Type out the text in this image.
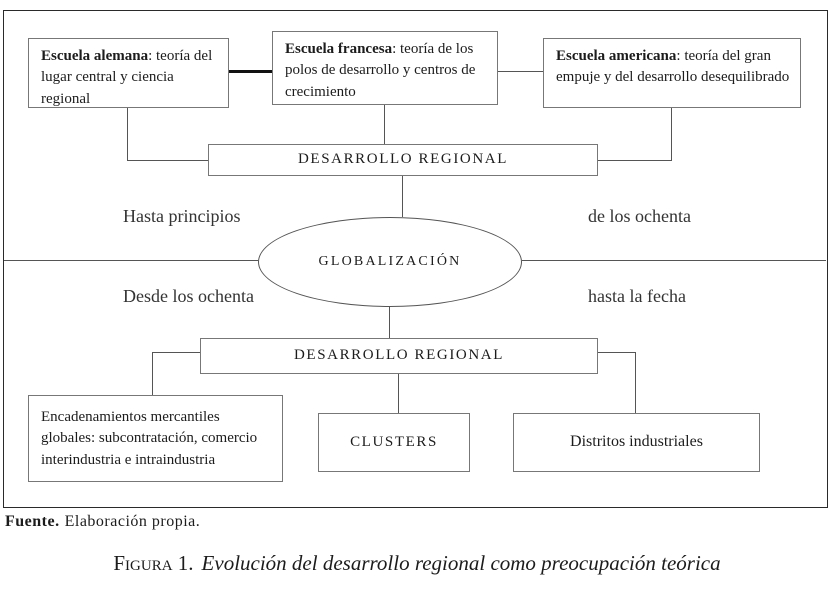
Escuela alemana: teoría del lugar central y ciencia regional
Escuela francesa: teoría de los polos de desarrollo y centros de crecimiento
Escuela americana: teoría del gran empuje y del desarrollo desequilibrado
DESARROLLO REGIONAL
Hasta principios	de los ochenta
Desde los ochenta	hasta la fecha
GLOBALIZACIÓN
DESARROLLO REGIONAL
Encadenamientos mercantiles globales: subcontratación, comercio interindustria e intraindustria
CLUSTERS	Distritos industriales
Fuente. Elaboración propia.
Figura 1. Evolución del desarrollo regional como preocupación teórica
